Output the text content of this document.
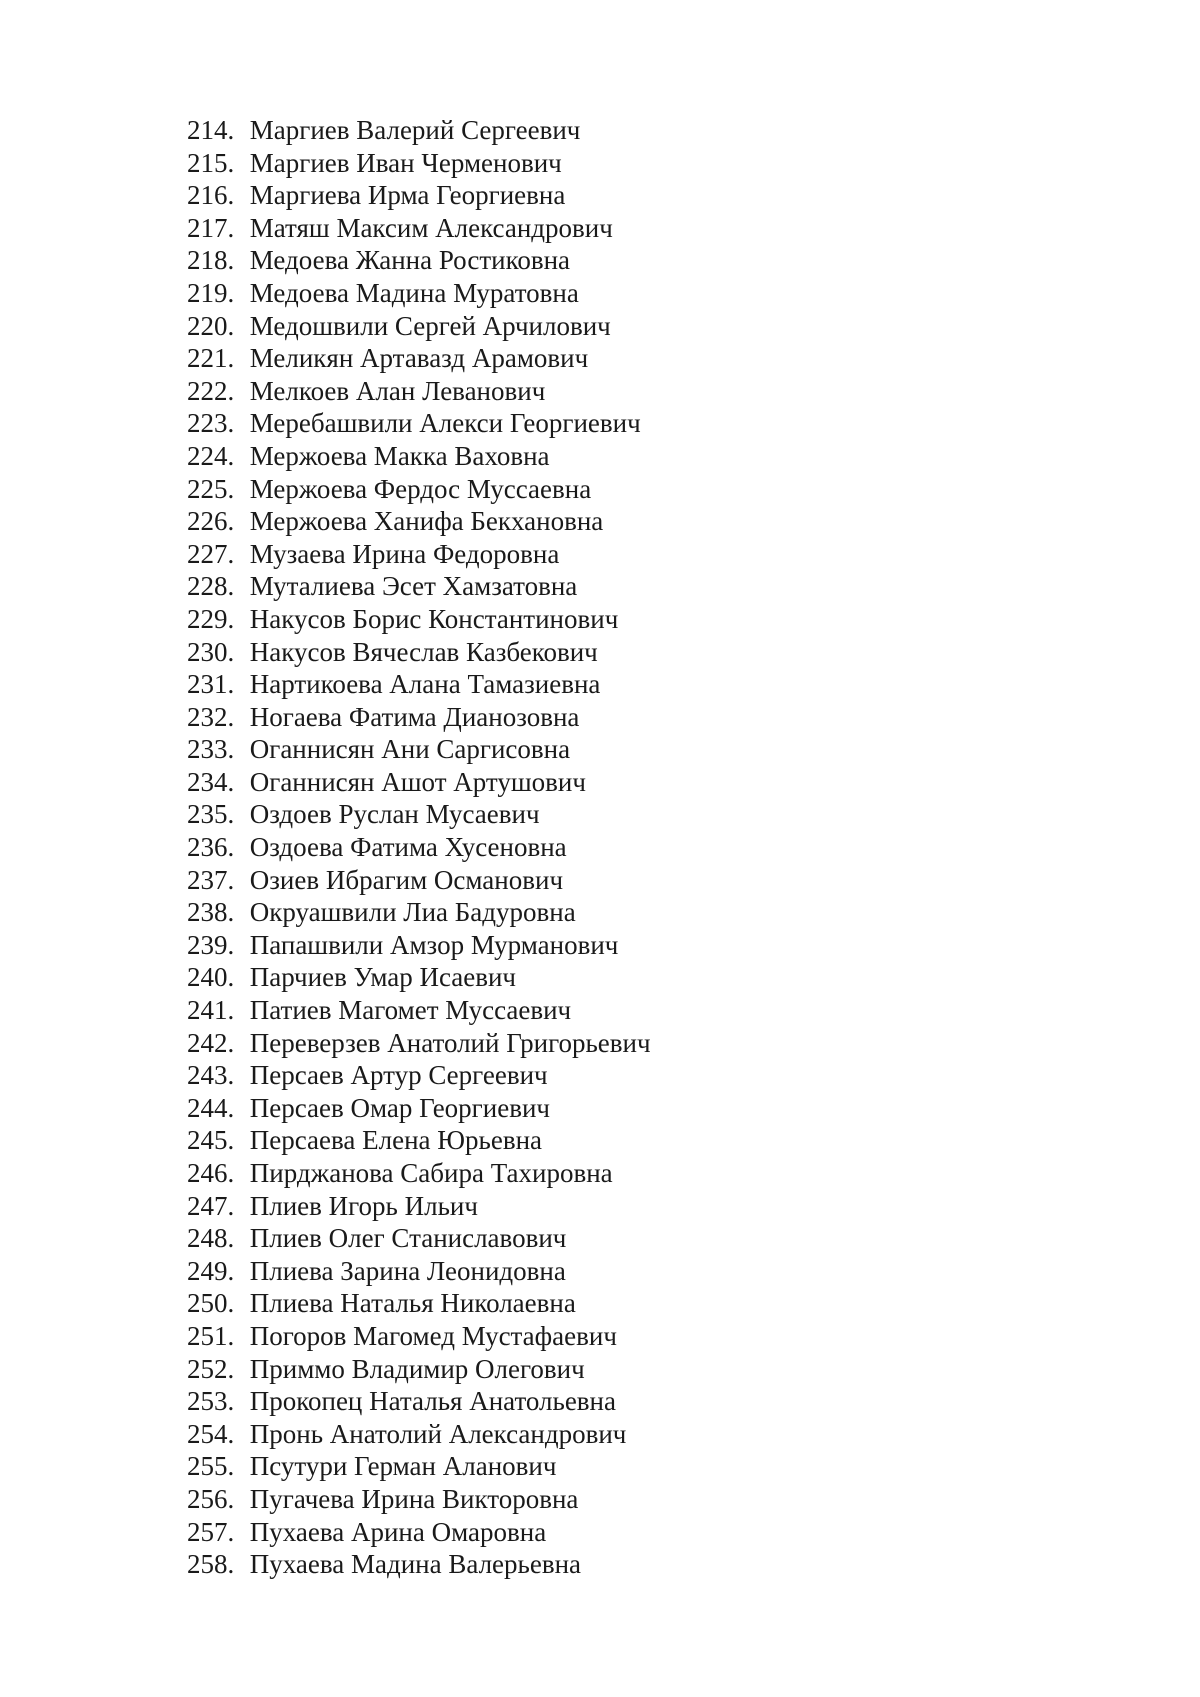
214. Маргиев Валерий Сергеевич
215. Маргиев Иван Черменович
216. Маргиева Ирма Георгиевна
217. Матяш Максим Александрович
218. Медоева Жанна Ростиковна
219. Медоева Мадина Муратовна
220. Медошвили Сергей Арчилович
221. Меликян Артавазд Арамович
222. Мелкоев Алан Леванович
223. Меребашвили Алекси Георгиевич
224. Мержоева Макка Ваховна
225. Мержоева Фердос Муссаевна
226. Мержоева Ханифа Бекхановна
227. Музаева Ирина Федоровна
228. Муталиева Эсет Хамзатовна
229. Накусов Борис Константинович
230. Накусов Вячеслав Казбекович
231. Нартикоева Алана Тамазиевна
232. Ногаева Фатима Дианозовна
233. Оганнисян Ани Саргисовна
234. Оганнисян Ашот Артушович
235. Оздоев Руслан Мусаевич
236. Оздоева Фатима Хусеновна
237. Озиев Ибрагим Османович
238. Окруашвили Лиа Бадуровна
239. Папашвили Амзор Мурманович
240. Парчиев Умар Исаевич
241. Патиев Магомет Муссаевич
242. Переверзев Анатолий Григорьевич
243. Персаев Артур Сергеевич
244. Персаев Омар Георгиевич
245. Персаева Елена Юрьевна
246. Пирджанова Сабира Тахировна
247. Плиев Игорь Ильич
248. Плиев Олег Станиславович
249. Плиева Зарина Леонидовна
250. Плиева Наталья Николаевна
251. Погоров Магомед Мустафаевич
252. Приммо Владимир Олегович
253. Прокопец Наталья Анатольевна
254. Пронь Анатолий Александрович
255. Псутури Герман Аланович
256. Пугачева Ирина Викторовна
257. Пухаева Арина Омаровна
258. Пухаева Мадина Валерьевна
